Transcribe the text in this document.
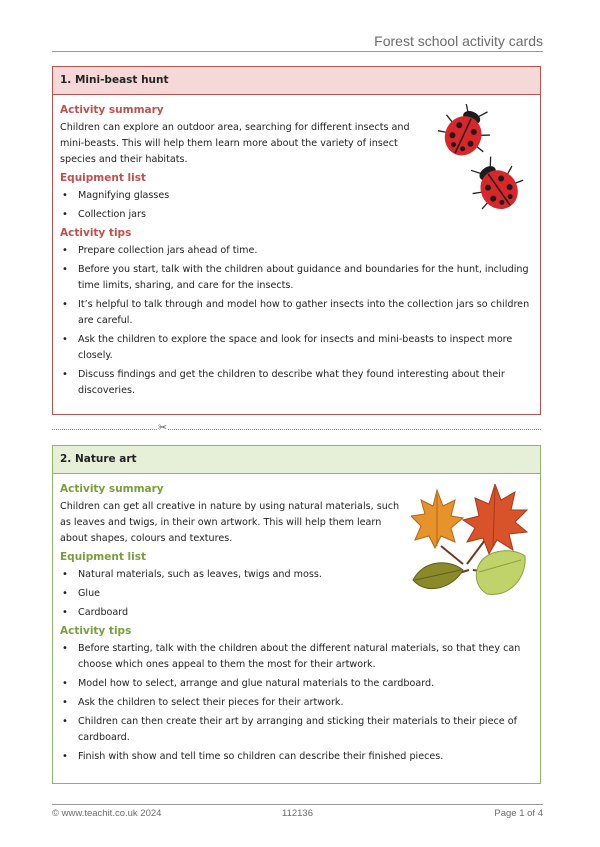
Forest school activity cards
1. Mini-beast hunt
Activity summary

Children can explore an outdoor area, searching for different insects and mini-beasts. This will help them learn more about the variety of insect species and their habitats.

Equipment list
• Magnifying glasses
• Collection jars
Activity tips
• Prepare collection jars ahead of time.
• Before you start, talk with the children about guidance and boundaries for the hunt, including time limits, sharing, and care for the insects.
• It’s helpful to talk through and model how to gather insects into the collection jars so children are careful.
• Ask the children to explore the space and look for insects and mini-beasts to inspect more closely.
• Discuss findings and get the children to describe what they found interesting about their discoveries.
✂
2. Nature art
Activity summary

Children can get all creative in nature by using natural materials, such as leaves and twigs, in their own artwork. This will help them learn about shapes, colours and textures.

Equipment list
• Natural materials, such as leaves, twigs and moss.
• Glue
• Cardboard
Activity tips
• Before starting, talk with the children about the different natural materials, so that they can choose which ones appeal to them the most for their artwork.
• Model how to select, arrange and glue natural materials to the cardboard.
• Ask the children to select their pieces for their artwork.
• Children can then create their art by arranging and sticking their materials to their piece of cardboard.
• Finish with show and tell time so children can describe their finished pieces.
© www.teachit.co.uk 2024	112136	Page 1 of 4
